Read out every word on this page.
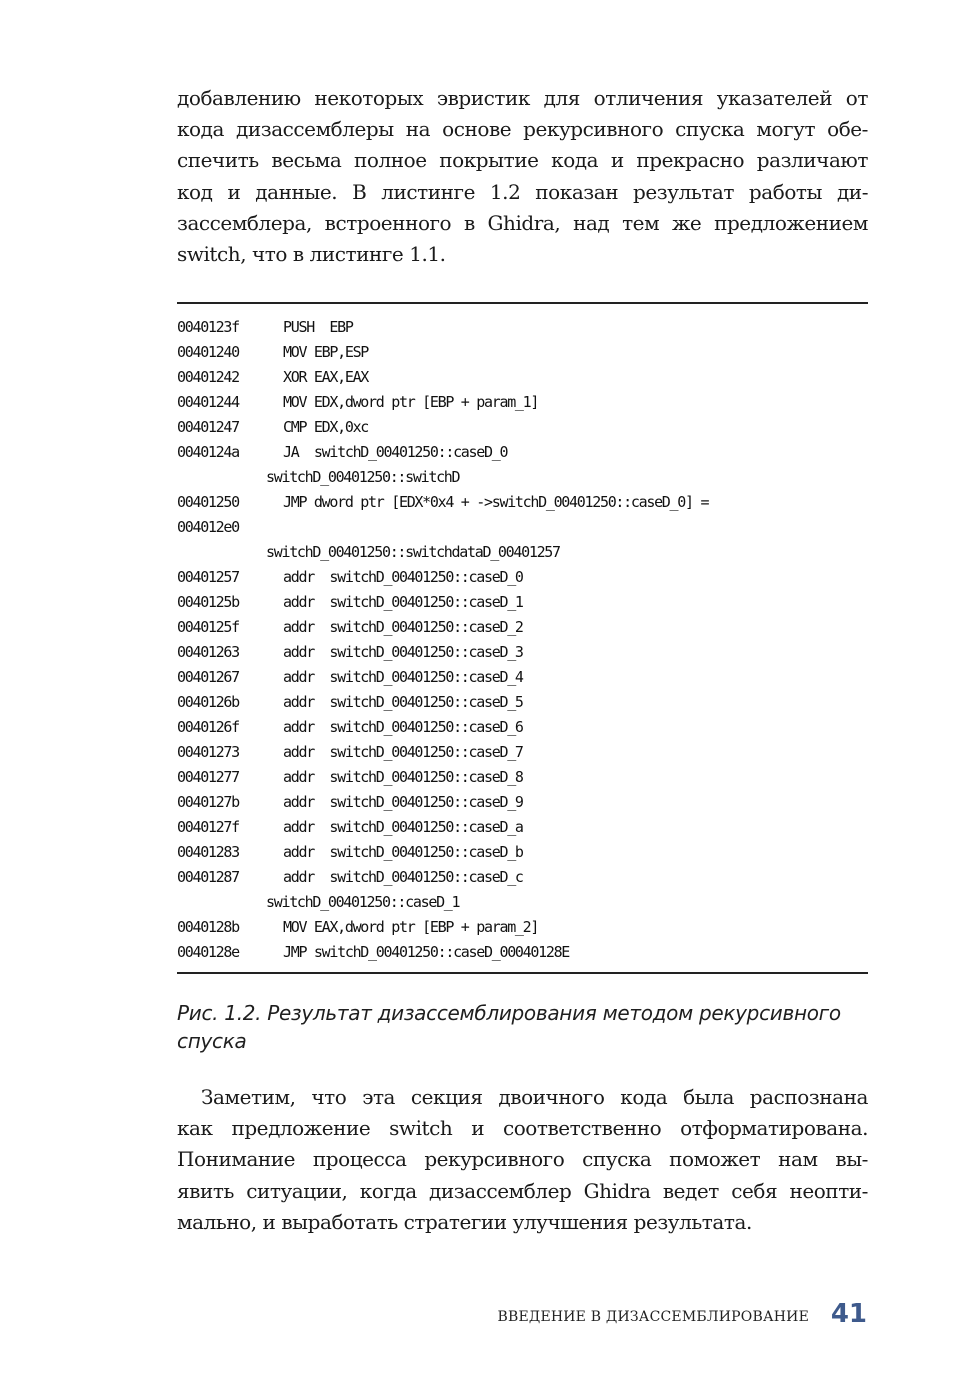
добавлению некоторых эвристик для отличения указателей от
кода дизассемблеры на основе рекурсивного спуска могут обе-
спечить весьма полное покрытие кода и прекрасно различают
код и данные. В листинге 1.2 показан результат работы ди-
зассемблера, встроенного в Ghidra, над тем же предложением
switch, что в листинге 1.1.
0040123f	PUSH  EBP
00401240	MOV EBP,ESP
00401242	XOR EAX,EAX
00401244	MOV EDX,dword ptr [EBP + param_1]
00401247	CMP EDX,0xc
0040124a	JA  switchD_00401250::caseD_0
switchD_00401250::switchD
00401250	JMP dword ptr [EDX*0x4 + ->switchD_00401250::caseD_0] =
004012e0
switchD_00401250::switchdataD_00401257
00401257	addr  switchD_00401250::caseD_0
0040125b	addr  switchD_00401250::caseD_1
0040125f	addr  switchD_00401250::caseD_2
00401263	addr  switchD_00401250::caseD_3
00401267	addr  switchD_00401250::caseD_4
0040126b	addr  switchD_00401250::caseD_5
0040126f	addr  switchD_00401250::caseD_6
00401273	addr  switchD_00401250::caseD_7
00401277	addr  switchD_00401250::caseD_8
0040127b	addr  switchD_00401250::caseD_9
0040127f	addr  switchD_00401250::caseD_a
00401283	addr  switchD_00401250::caseD_b
00401287	addr  switchD_00401250::caseD_c
switchD_00401250::caseD_1
0040128b	MOV EAX,dword ptr [EBP + param_2]
0040128e	JMP switchD_00401250::caseD_00040128E
Рис. 1.2. Результат дизассемблирования методом рекурсивного
спуска
Заметим, что эта секция двоичного кода была распознана
как предложение switch и соответственно отформатирована.
Понимание процесса рекурсивного спуска поможет нам вы-
явить ситуации, когда дизассемблер Ghidra ведет себя неопти-
мально, и выработать стратегии улучшения результата.
ВВЕДЕНИЕ В ДИЗАССЕМБЛИРОВАНИЕ 41
